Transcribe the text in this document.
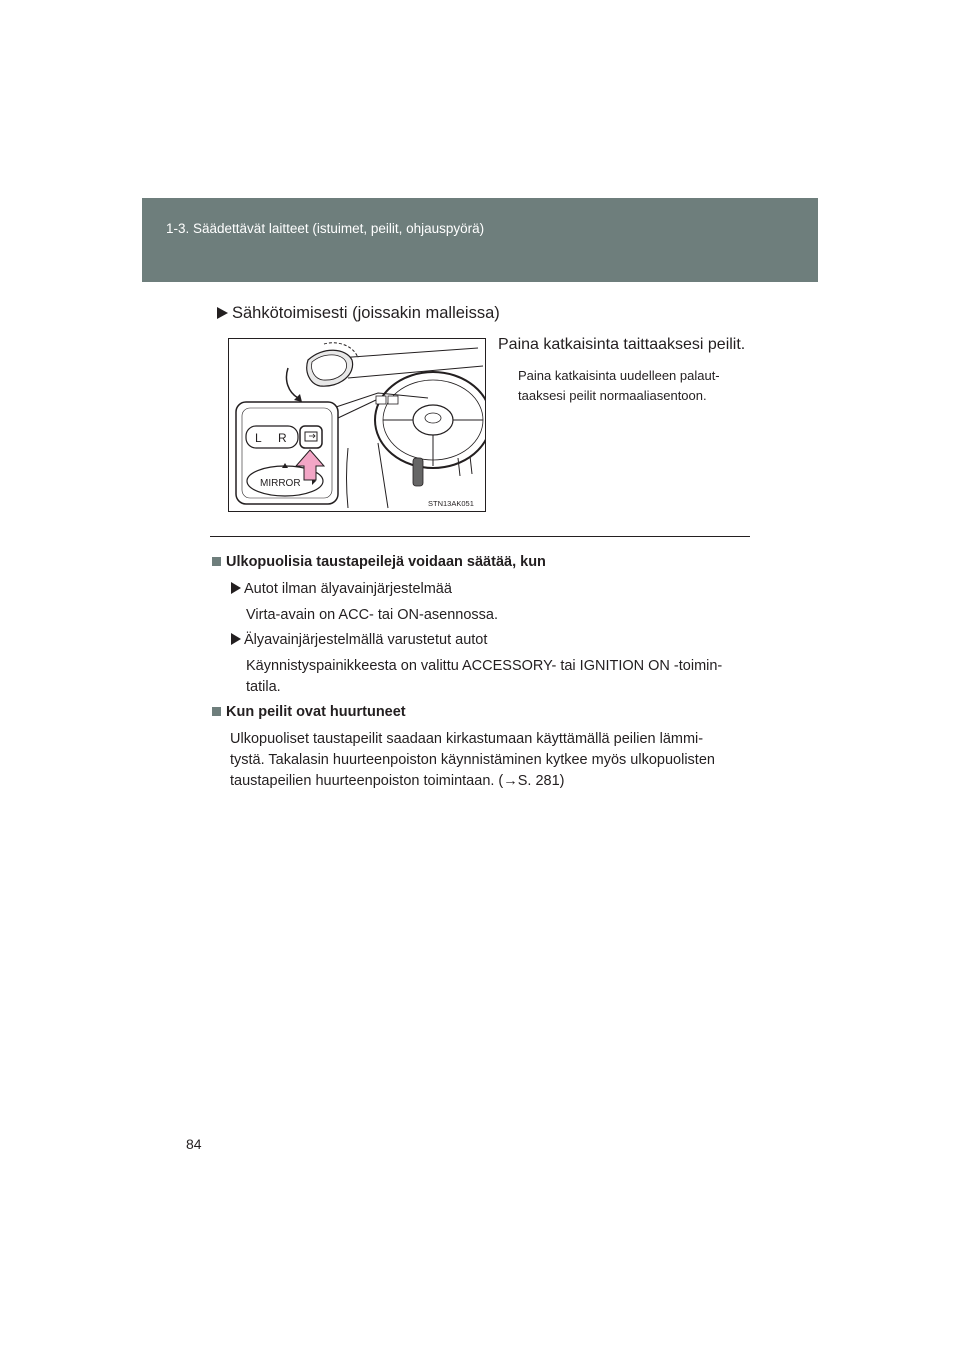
1-3. Säädettävät laitteet (istuimet, peilit, ohjauspyörä)
Sähkötoimisesti (joissakin malleissa)
Paina katkaisinta taittaaksesi peilit.
Paina katkaisinta uudelleen palaut-
taaksesi peilit normaaliasentoon.
L R
MIRROR
STN13AK051
Ulkopuolisia taustapeilejä voidaan säätää, kun
Autot ilman älyavainjärjestelmää
Virta-avain on ACC- tai ON-asennossa.
Älyavainjärjestelmällä varustetut autot
Käynnistyspainikkeesta on valittu ACCESSORY- tai IGNITION ON -toimin-
tatila.
Kun peilit ovat huurtuneet
Ulkopuoliset taustapeilit saadaan kirkastumaan käyttämällä peilien lämmi-
tystä. Takalasin huurteenpoiston käynnistäminen kytkee myös ulkopuolisten
taustapeilien huurteenpoiston toimintaan. (→S. 281)
84
